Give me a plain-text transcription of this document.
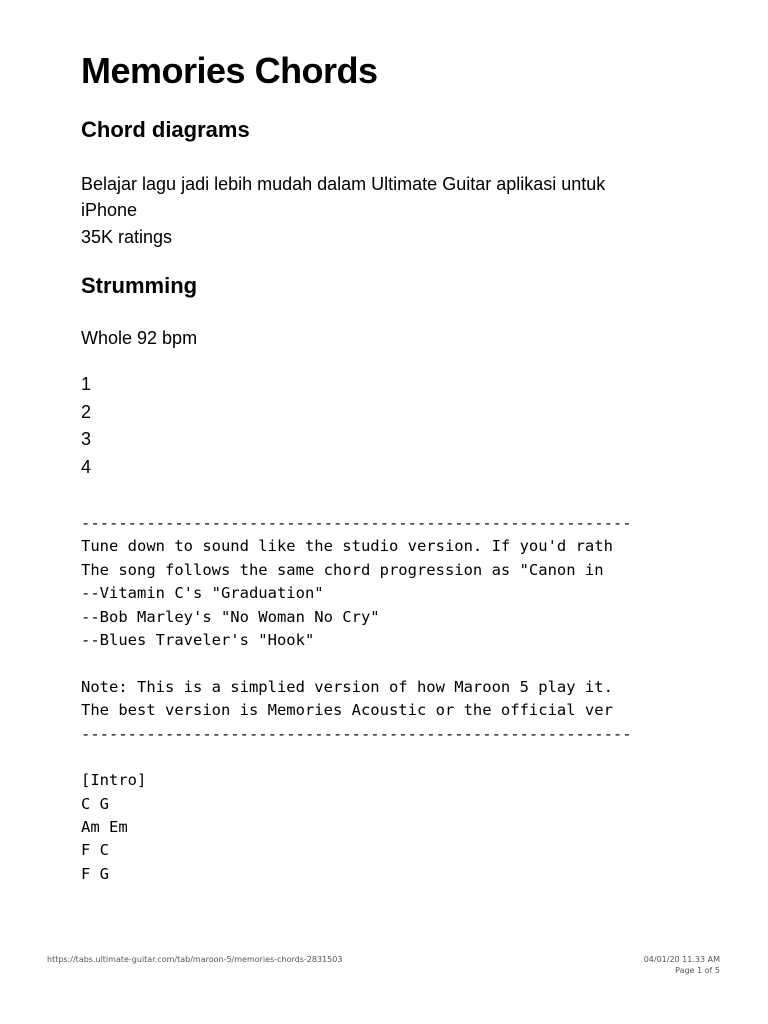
Memories Chords
Chord diagrams
Belajar lagu jadi lebih mudah dalam Ultimate Guitar aplikasi untuk
iPhone
35K ratings
Strumming
Whole 92 bpm
1
2
3
4
-----------------------------------------------------------
Tune down to sound like the studio version. If you'd rath
The song follows the same chord progression as "Canon in
--Vitamin C's "Graduation"
--Bob Marley's "No Woman No Cry"
--Blues Traveler's "Hook"
Note: This is a simplied version of how Maroon 5 play it.
The best version is Memories Acoustic or the official ver
-----------------------------------------------------------
[Intro]
C G
Am Em
F C
F G
https://tabs.ultimate-guitar.com/tab/maroon-5/memories-chords-2831503	04/01/20 11.33 AM
Page 1 of 5
